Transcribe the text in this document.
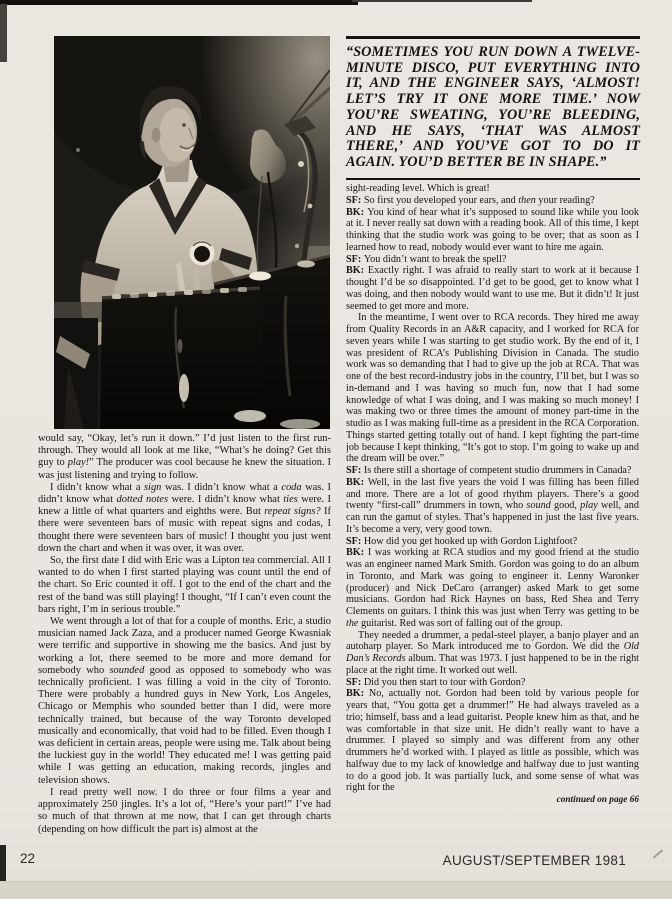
“SOMETIMES YOU RUN DOWN A TWELVE-MINUTE DISCO, PUT EVERYTHING INTO IT, AND THE ENGINEER SAYS, ‘ALMOST! LET’S TRY IT ONE MORE TIME.’ NOW YOU’RE SWEATING, YOU’RE BLEEDING, AND HE SAYS, ‘THAT WAS ALMOST THERE,’ AND YOU’VE GOT TO DO IT AGAIN. YOU’D BETTER BE IN SHAPE.”

would say, “Okay, let’s run it down.” I’d just listen to the first run-through. They would all look at me like, “What’s he doing? Get this guy to play!” The producer was cool because he knew the situation. I was just listening and trying to follow.

I didn’t know what a sign was. I didn’t know what a coda was. I didn’t know what dotted notes were. I didn’t know what ties were. I knew a little of what quarters and eighths were. But repeat signs? If there were seventeen bars of music with repeat signs and codas, I thought there were seventeen bars of music! I thought you just went down the chart and when it was over, it was over.

So, the first date I did with Eric was a Lipton tea commercial. All I wanted to do when I first started playing was count until the end of the chart. So Eric counted it off. I got to the end of the chart and the rest of the band was still playing! I thought, “If I can’t even count the bars right, I’m in serious trouble.”

We went through a lot of that for a couple of months. Eric, a studio musician named Jack Zaza, and a producer named George Kwasniak were terrific and supportive in showing me the basics. And just by working a lot, there seemed to be more and more demand for somebody who sounded good as opposed to somebody who was technically proficient. I was filling a void in the city of Toronto. There were probably a hundred guys in New York, Los Angeles, Chicago or Memphis who sounded better than I did, were more technically trained, but because of the way Toronto developed musically and economically, that void had to be filled. Even though I was deficient in certain areas, people were using me. Talk about being the luckiest guy in the world! They educated me! I was getting paid while I was getting an education, making records, jingles and television shows.

I read pretty well now. I do three or four films a year and approximately 250 jingles. It’s a lot of, “Here’s your part!” I’ve had so much of that thrown at me now, that I can get through charts (depending on how difficult the part is) almost at the

sight-reading level. Which is great!

SF: So first you developed your ears, and then your reading?

BK: You kind of hear what it’s supposed to sound like while you look at it. I never really sat down with a reading book. All of this time, I kept thinking that the studio work was going to be over; that as soon as I learned how to read, nobody would ever want to hire me again.

SF: You didn’t want to break the spell?

BK: Exactly right. I was afraid to really start to work at it because I thought I’d be so disappointed. I’d get to be good, get to know what I was doing, and then nobody would want to use me. But it didn’t! It just seemed to get more and more.

In the meantime, I went over to RCA records. They hired me away from Quality Records in an A&R capacity, and I worked for RCA for seven years while I was starting to get studio work. By the end of it, I was president of RCA’s Publishing Division in Canada. The studio work was so demanding that I had to give up the job at RCA. That was one of the best record-industry jobs in the country, I’ll bet, but I was so in-demand and I was having so much fun, now that I had some knowledge of what I was doing, and I was making so much money! I was making two or three times the amount of money part-time in the studio as I was making full-time as a president in the RCA Corporation. Things started getting totally out of hand. I kept fighting the part-time job because I kept thinking, “It’s got to stop. I’m going to wake up and the dream will be over.”

SF: Is there still a shortage of competent studio drummers in Canada?

BK: Well, in the last five years the void I was filling has been filled and more. There are a lot of good rhythm players. There’s a good twenty “first-call” drummers in town, who sound good, play well, and can run the gamut of styles. That’s happened in just the last five years. It’s become a very, very good town.

SF: How did you get hooked up with Gordon Lightfoot?

BK: I was working at RCA studios and my good friend at the studio was an engineer named Mark Smith. Gordon was going to do an album in Toronto, and Mark was going to engineer it. Lenny Waronker (producer) and Nick DeCaro (arranger) asked Mark to get some musicians. Gordon had Rick Haynes on bass, Red Shea and Terry Clements on guitars. I think this was just when Terry was getting to be the guitarist. Red was sort of falling out of the group.

They needed a drummer, a pedal-steel player, a banjo player and an autoharp player. So Mark introduced me to Gordon. We did the Old Dan’s Records album. That was 1973. I just happened to be in the right place at the right time. It worked out well.

SF: Did you then start to tour with Gordon?

BK: No, actually not. Gordon had been told by various people for years that, “You gotta get a drummer!” He had always traveled as a trio; himself, bass and a lead guitarist. People knew him as that, and he was comfortable in that size unit. He didn’t really want to have a drummer. I played so simply and was different from any other drummers he’d worked with. I played as little as possible, which was halfway due to my lack of knowledge and halfway due to just wanting to do a good job. It was partially luck, and some sense of what was right for the

continued on page 66
22	AUGUST/SEPTEMBER 1981
